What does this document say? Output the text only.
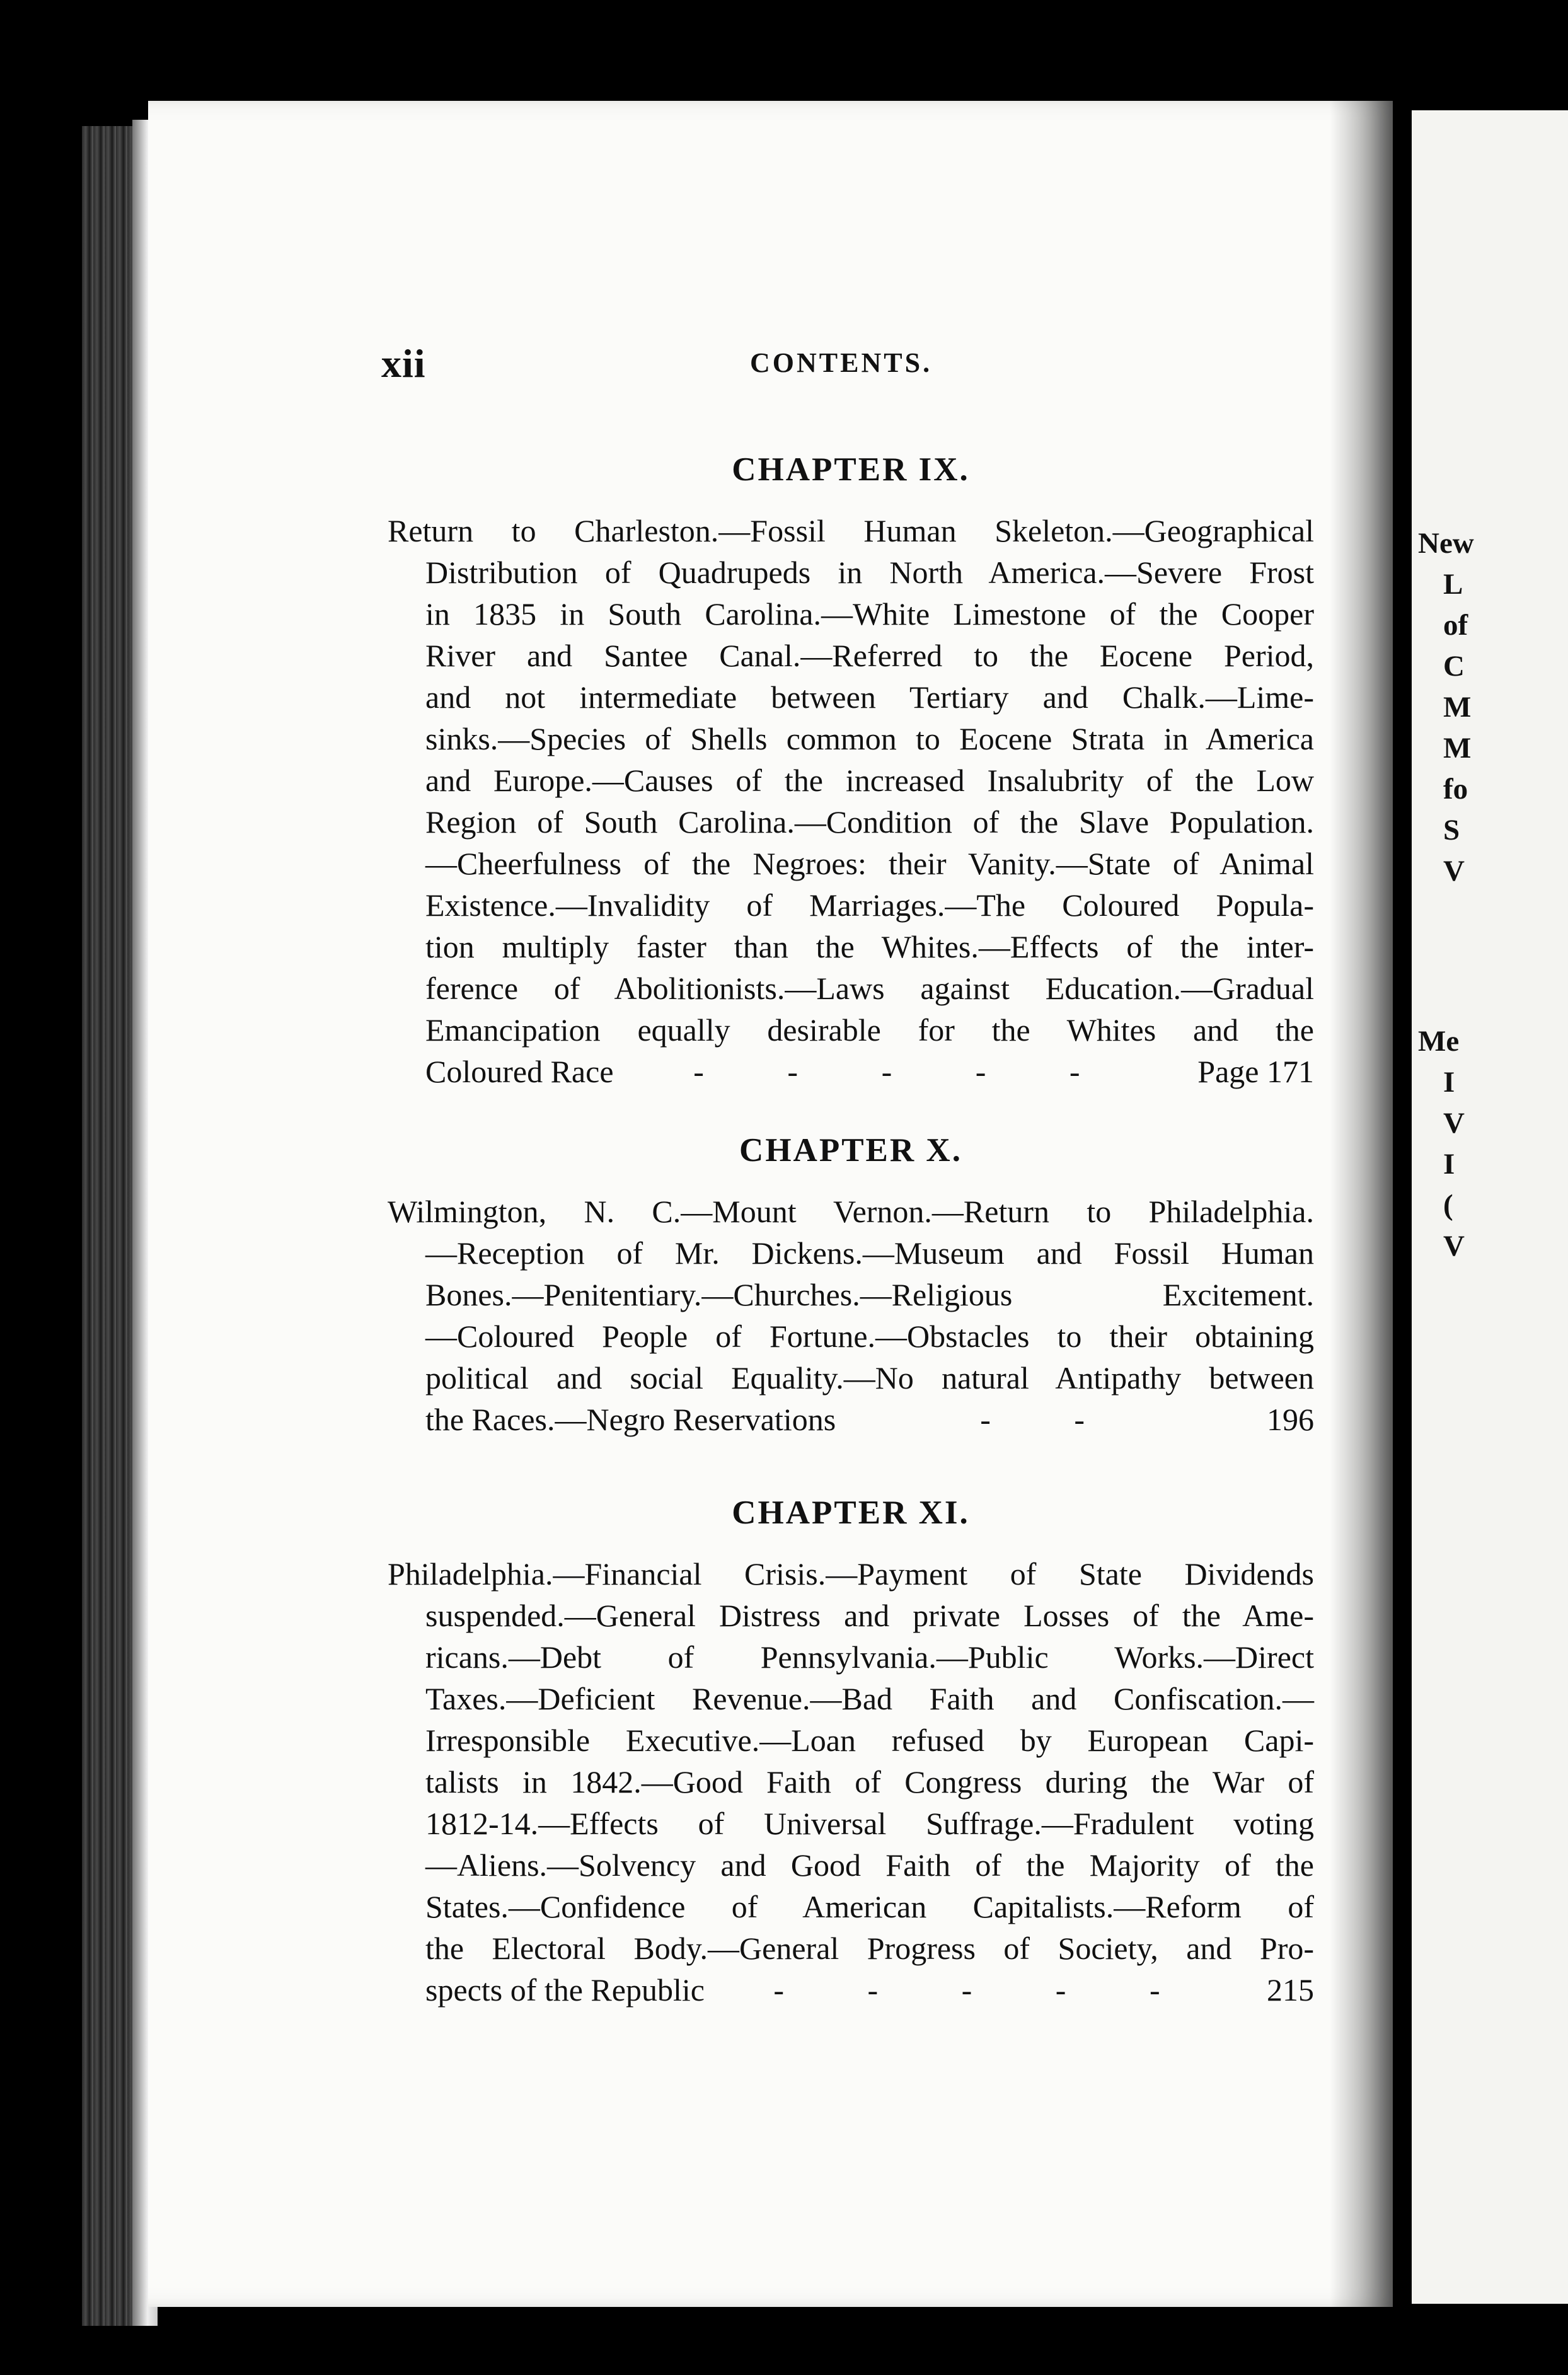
New
L
of
C
M
M
fo
S
V
Me
I
V
I
(
V
xii	CONTENTS.
CHAPTER IX.
Return to Charleston.—Fossil Human Skeleton.—Geographical
Distribution of Quadrupeds in North America.—Severe Frost
in 1835 in South Carolina.—White Limestone of the Cooper
River and Santee Canal.—Referred to the Eocene Period,
and not intermediate between Tertiary and Chalk.—Lime-
sinks.—Species of Shells common to Eocene Strata in America
and Europe.—Causes of the increased Insalubrity of the Low
Region of South Carolina.—Condition of the Slave Population.
—Cheerfulness of the Negroes: their Vanity.—State of Animal
Existence.—Invalidity of Marriages.—The Coloured Popula-
tion multiply faster than the Whites.—Effects of the inter-
ference of Abolitionists.—Laws against Education.—Gradual
Emancipation equally desirable for the Whites and the
Coloured Race	- - - - -	Page 171
CHAPTER X.
Wilmington, N. C.—Mount Vernon.—Return to Philadelphia.
—Reception of Mr. Dickens.—Museum and Fossil Human
Bones.—Penitentiary.—Churches.—Religious Excitement.
—Coloured People of Fortune.—Obstacles to their obtaining
political and social Equality.—No natural Antipathy between
the Races.—Negro Reservations	- -	196
CHAPTER XI.
Philadelphia.—Financial Crisis.—Payment of State Dividends
suspended.—General Distress and private Losses of the Ame-
ricans.—Debt of Pennsylvania.—Public Works.—Direct
Taxes.—Deficient Revenue.—Bad Faith and Confiscation.—
Irresponsible Executive.—Loan refused by European Capi-
talists in 1842.—Good Faith of Congress during the War of
1812-14.—Effects of Universal Suffrage.—Fradulent voting
—Aliens.—Solvency and Good Faith of the Majority of the
States.—Confidence of American Capitalists.—Reform of
the Electoral Body.—General Progress of Society, and Pro-
spects of the Republic - - - - - 215
